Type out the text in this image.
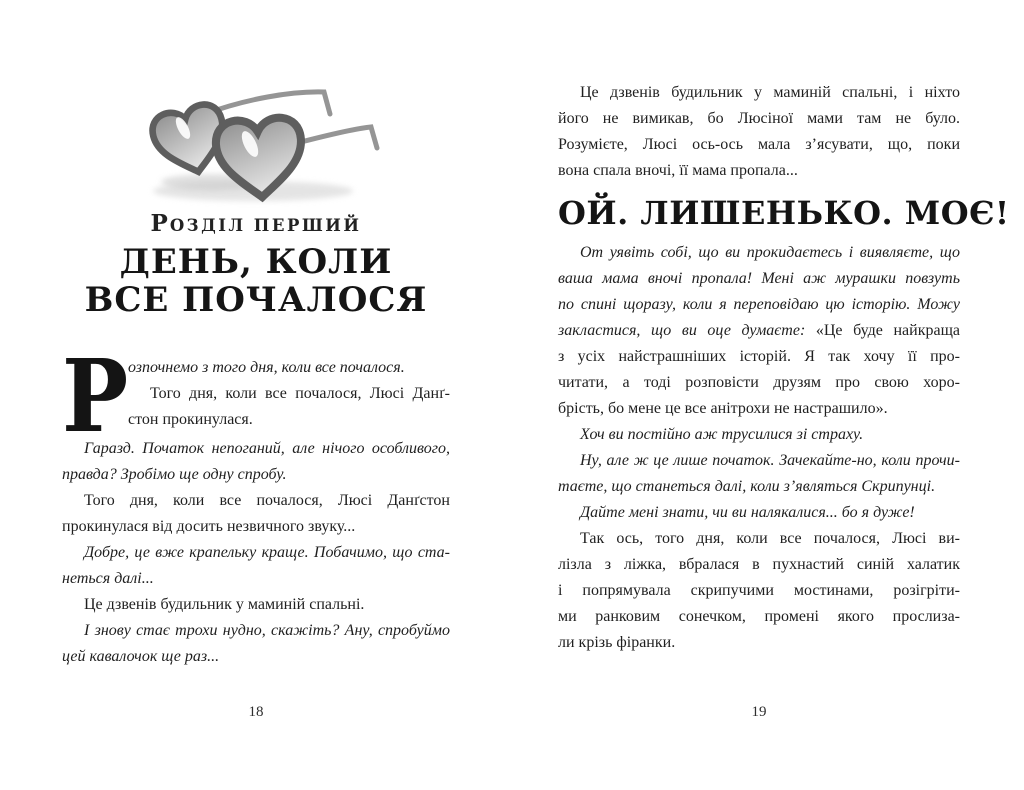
РОЗДІЛ ПЕРШИЙ
ДЕНЬ, КОЛИ
ВСЕ ПОЧАЛОСЯ
Р озпочнемо з того дня, коли все почалося.
Того дня, коли все почалося, Люсі Данґ-
стон прокинулася.
Гаразд. Початок непоганий, але нічого особливого,
правда? Зробімо ще одну спробу.
Того дня, коли все почалося, Люсі Данґстон
прокинулася від досить незвичного звуку...
Добре, це вже крапельку краще. Побачимо, що ста-
неться далі...
Це дзвенів будильник у маминій спальні.
І знову стає трохи нудно, скажіть? Ану, спробуймо
цей кавалочок ще раз...
Це дзвенів будильник у маминій спальні, і ніхто
його не вимикав, бо Люсіної мами там не було.
Розумієте, Люсі ось-ось мала з’ясувати, що, поки
вона спала вночі, її мама пропала...
ОЙ. ЛИШЕНЬКО. МОЄ!
От уявіть собі, що ви прокидаєтесь і виявляєте, що
ваша мама вночі пропала! Мені аж мурашки повзуть
по спині щоразу, коли я переповідаю цю історію. Можу
закластися, що ви оце думаєте: «Це буде найкраща
з усіх найстрашніших історій. Я так хочу її про-
читати, а тоді розповісти друзям про свою хоро-
брість, бо мене це все анітрохи не настрашило».
Хоч ви постійно аж трусилися зі страху.
Ну, але ж це лише початок. Зачекайте-но, коли прочи-
таєте, що станеться далі, коли з’являться Скрипунці.
Дайте мені знати, чи ви налякалися... бо я дуже!
Так ось, того дня, коли все почалося, Люсі ви-
лізла з ліжка, вбралася в пухнастий синій халатик
і попрямувала скрипучими мостинами, розігріти-
ми ранковим сонечком, промені якого прослиза-
ли крізь фіранки.
18	19
